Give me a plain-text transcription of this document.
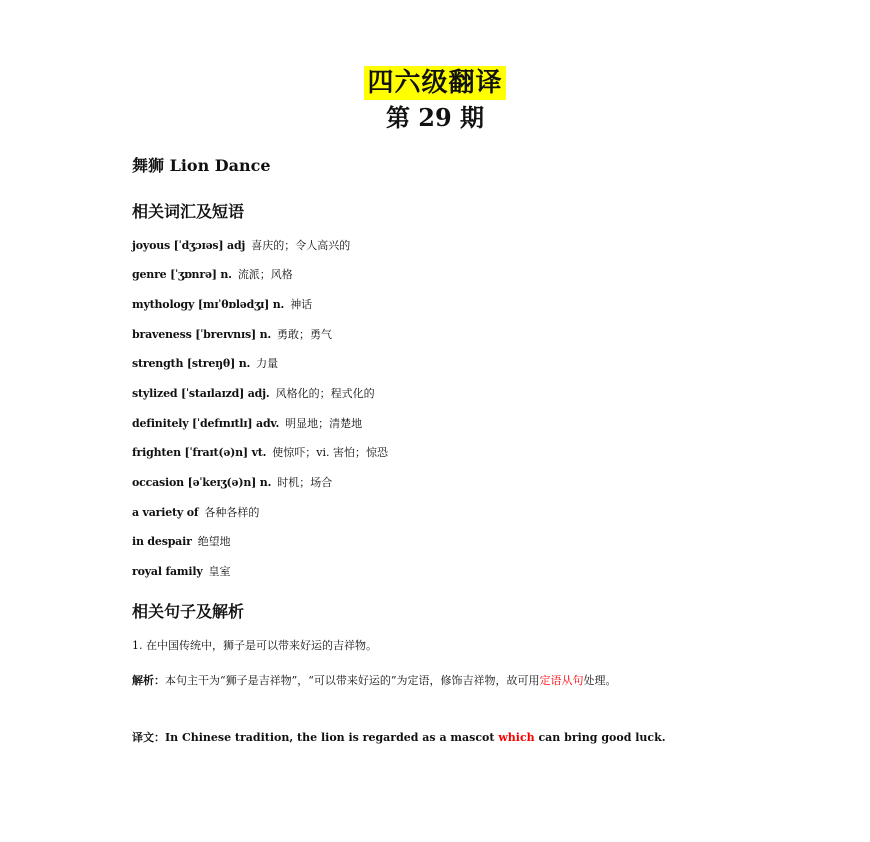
四六级翻译
第 29 期
舞狮 Lion Dance
相关词汇及短语
joyous [ˈdʒɔɪəs] adj 喜庆的；令人高兴的
genre [ˈʒɒnrə] n. 流派；风格
mythology [mɪˈθɒlədʒɪ] n. 神话
braveness [ˈbreɪvnɪs] n. 勇敢；勇气
strength [streŋθ] n. 力量
stylized [ˈstaɪlaɪzd] adj. 风格化的；程式化的
definitely [ˈdefɪnɪtlɪ] adv. 明显地；清楚地
frighten [ˈfraɪt(ə)n] vt. 使惊吓；vi. 害怕；惊恐
occasion [əˈkeɪʒ(ə)n] n. 时机；场合
a variety of 各种各样的
in despair 绝望地
royal family 皇室
相关句子及解析
1. 在中国传统中，狮子是可以带来好运的吉祥物。
解析：本句主干为“狮子是吉祥物”，“可以带来好运的”为定语，修饰吉祥物，故可用定语从句处理。
译文：In Chinese tradition, the lion is regarded as a mascot which can bring good luck.
